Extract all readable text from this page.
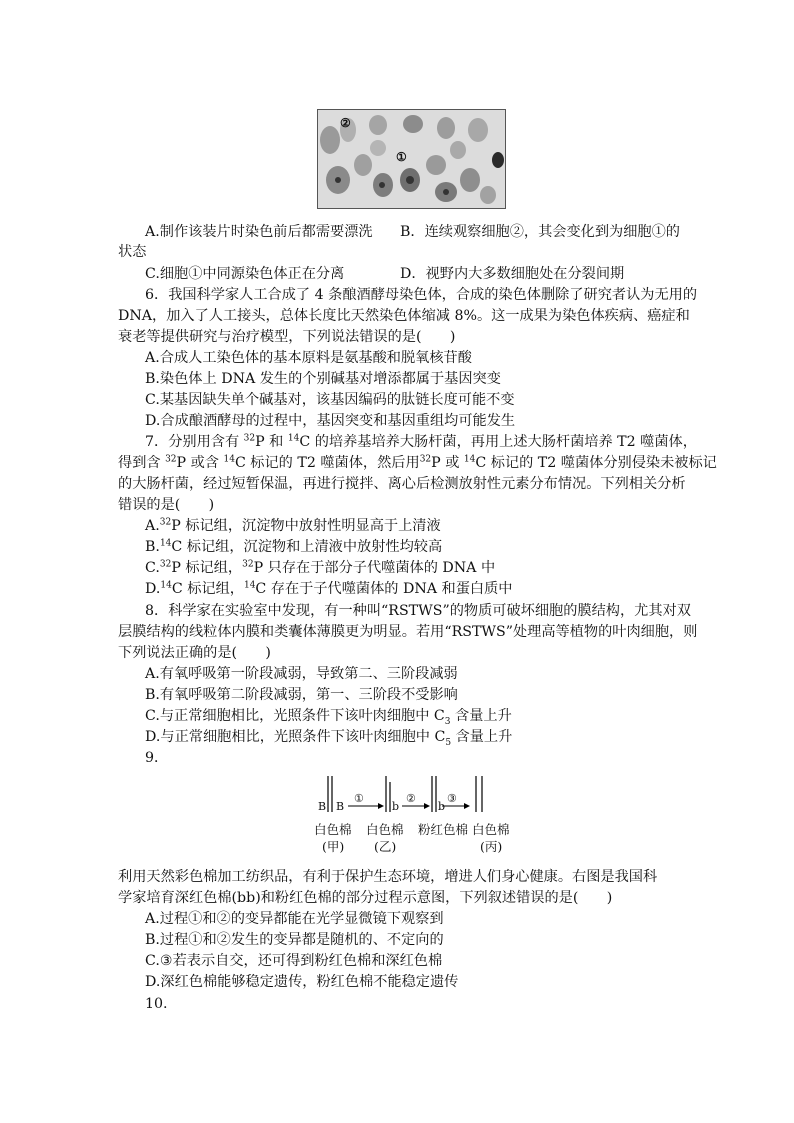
②
①
A.制作该装片时染色前后都需要漂洗 B．连续观察细胞②，其会变化到为细胞①的
状态
C.细胞①中同源染色体正在分离	D．视野内大多数细胞处在分裂间期
6．我国科学家人工合成了 4 条酿酒酵母染色体，合成的染色体删除了研究者认为无用的
DNA，加入了人工接头，总体长度比天然染色体缩减 8%。这一成果为染色体疾病、癌症和
衰老等提供研究与治疗模型，下列说法错误的是(　　)
A.合成人工染色体的基本原料是氨基酸和脱氧核苷酸
B.染色体上 DNA 发生的个别碱基对增添都属于基因突变
C.某基因缺失单个碱基对，该基因编码的肽链长度可能不变
D.合成酿酒酵母的过程中，基因突变和基因重组均可能发生
7．分别用含有 $^{32}$P 和 $^{14}$C 的培养基培养大肠杆菌，再用上述大肠杆菌培养 T2 噬菌体，
得到含 $^{32}$P 或含 $^{14}$C 标记的 T2 噬菌体，然后用$^{32}$P 或 $^{14}$C 标记的 T2 噬菌体分别侵染未被标记
的大肠杆菌，经过短暂保温，再进行搅拌、离心后检测放射性元素分布情况。下列相关分析
错误的是(　　)
A.$^{32}$P 标记组，沉淀物中放射性明显高于上清液
B.$^{14}$C 标记组，沉淀物和上清液中放射性均较高
C.$^{32}$P 标记组，$^{32}$P 只存在于部分子代噬菌体的 DNA 中
D.$^{14}$C 标记组，$^{14}$C 存在于子代噬菌体的 DNA 和蛋白质中
8．科学家在实验室中发现，有一种叫“RSTWS”的物质可破坏细胞的膜结构，尤其对双
层膜结构的线粒体内膜和类囊体薄膜更为明显。若用“RSTWS”处理高等植物的叶肉细胞，则
下列说法正确的是(　　)
A.有氧呼吸第一阶段减弱，导致第二、三阶段减弱
B.有氧呼吸第二阶段减弱，第一、三阶段不受影响
C.与正常细胞相比，光照条件下该叶肉细胞中 $C_3$ 含量上升
D.与正常细胞相比，光照条件下该叶肉细胞中 $C_5$ 含量上升
9．
B B
①
b
②
b
③
白色棉
(甲)
白色棉
(乙)
粉红色棉 白色棉
(丙)
利用天然彩色棉加工纺织品，有利于保护生态环境，增进人们身心健康。右图是我国科
学家培育深红色棉(bb)和粉红色棉的部分过程示意图，下列叙述错误的是(　　)
A.过程①和②的变异都能在光学显微镜下观察到
B.过程①和②发生的变异都是随机的、不定向的
C.③若表示自交，还可得到粉红色棉和深红色棉
D.深红色棉能够稳定遗传，粉红色棉不能稳定遗传
10.
